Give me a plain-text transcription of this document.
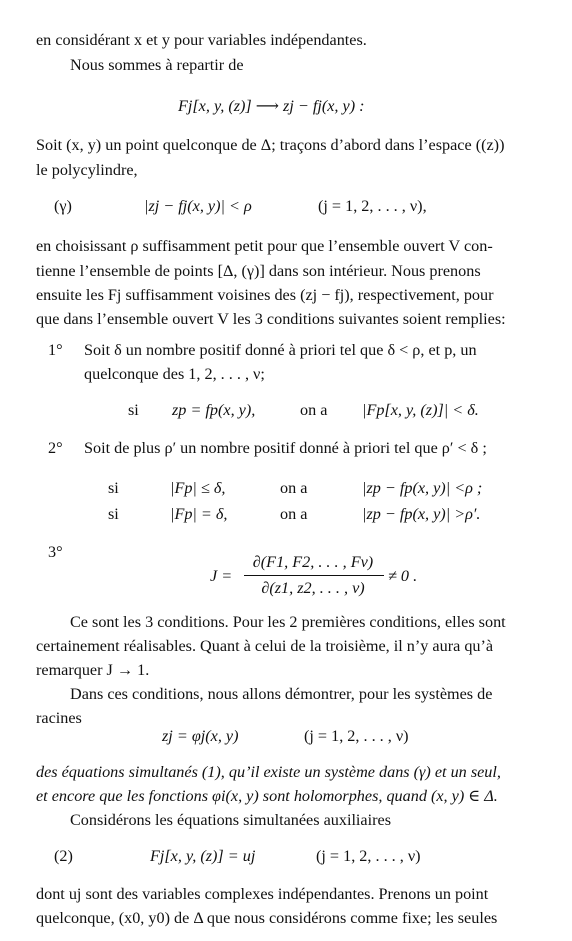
en considérant x et y pour variables indépendantes.
Nous sommes à repartir de
Fj[x, y, (z)] ⟶ zj − fj(x, y) :
Soit (x, y) un point quelconque de Δ; traçons d’abord dans l’espace ((z))
le polycylindre,
(γ)	|zj − fj(x, y)| < ρ	(j = 1, 2, . . . , ν),
en choisissant ρ suffisamment petit pour que l’ensemble ouvert V con-
tienne l’ensemble de points [Δ, (γ)] dans son intérieur. Nous prenons
ensuite les Fj suffisamment voisines des (zj − fj), respectivement, pour
que dans l’ensemble ouvert V les 3 conditions suivantes soient remplies:
1° Soit δ un nombre positif donné à priori tel que δ < ρ, et p, un
quelconque des 1, 2, . . . , ν;
si zp = fp(x, y),	on a |Fp[x, y, (z)]| < δ.
2° Soit de plus ρ′ un nombre positif donné à priori tel que ρ′ < δ ;
si	|Fp| ≤ δ,	on a	|zp − fp(x, y)| <ρ ;
si	|Fp| = δ,	on a	|zp − fp(x, y)| >ρ′.
3°
J =
∂(F1, F2, . . . , Fν)
∂(z1, z2, . . . , ν)
≠ 0 .
Ce sont les 3 conditions. Pour les 2 premières conditions, elles sont
certainement réalisables. Quant à celui de la troisième, il n’y aura qu’à
remarquer J → 1.
Dans ces conditions, nous allons démontrer, pour les systèmes de
racines
zj = φj(x, y)	(j = 1, 2, . . . , ν)
des équations simultanés (1), qu’il existe un système dans (γ) et un seul,
et encore que les fonctions φi(x, y) sont holomorphes, quand (x, y) ∈ Δ.
Considérons les équations simultanées auxiliaires
(2)	Fj[x, y, (z)] = uj	(j = 1, 2, . . . , ν)
dont uj sont des variables complexes indépendantes. Prenons un point
quelconque, (x0, y0) de Δ que nous considérons comme fixe; les seules
